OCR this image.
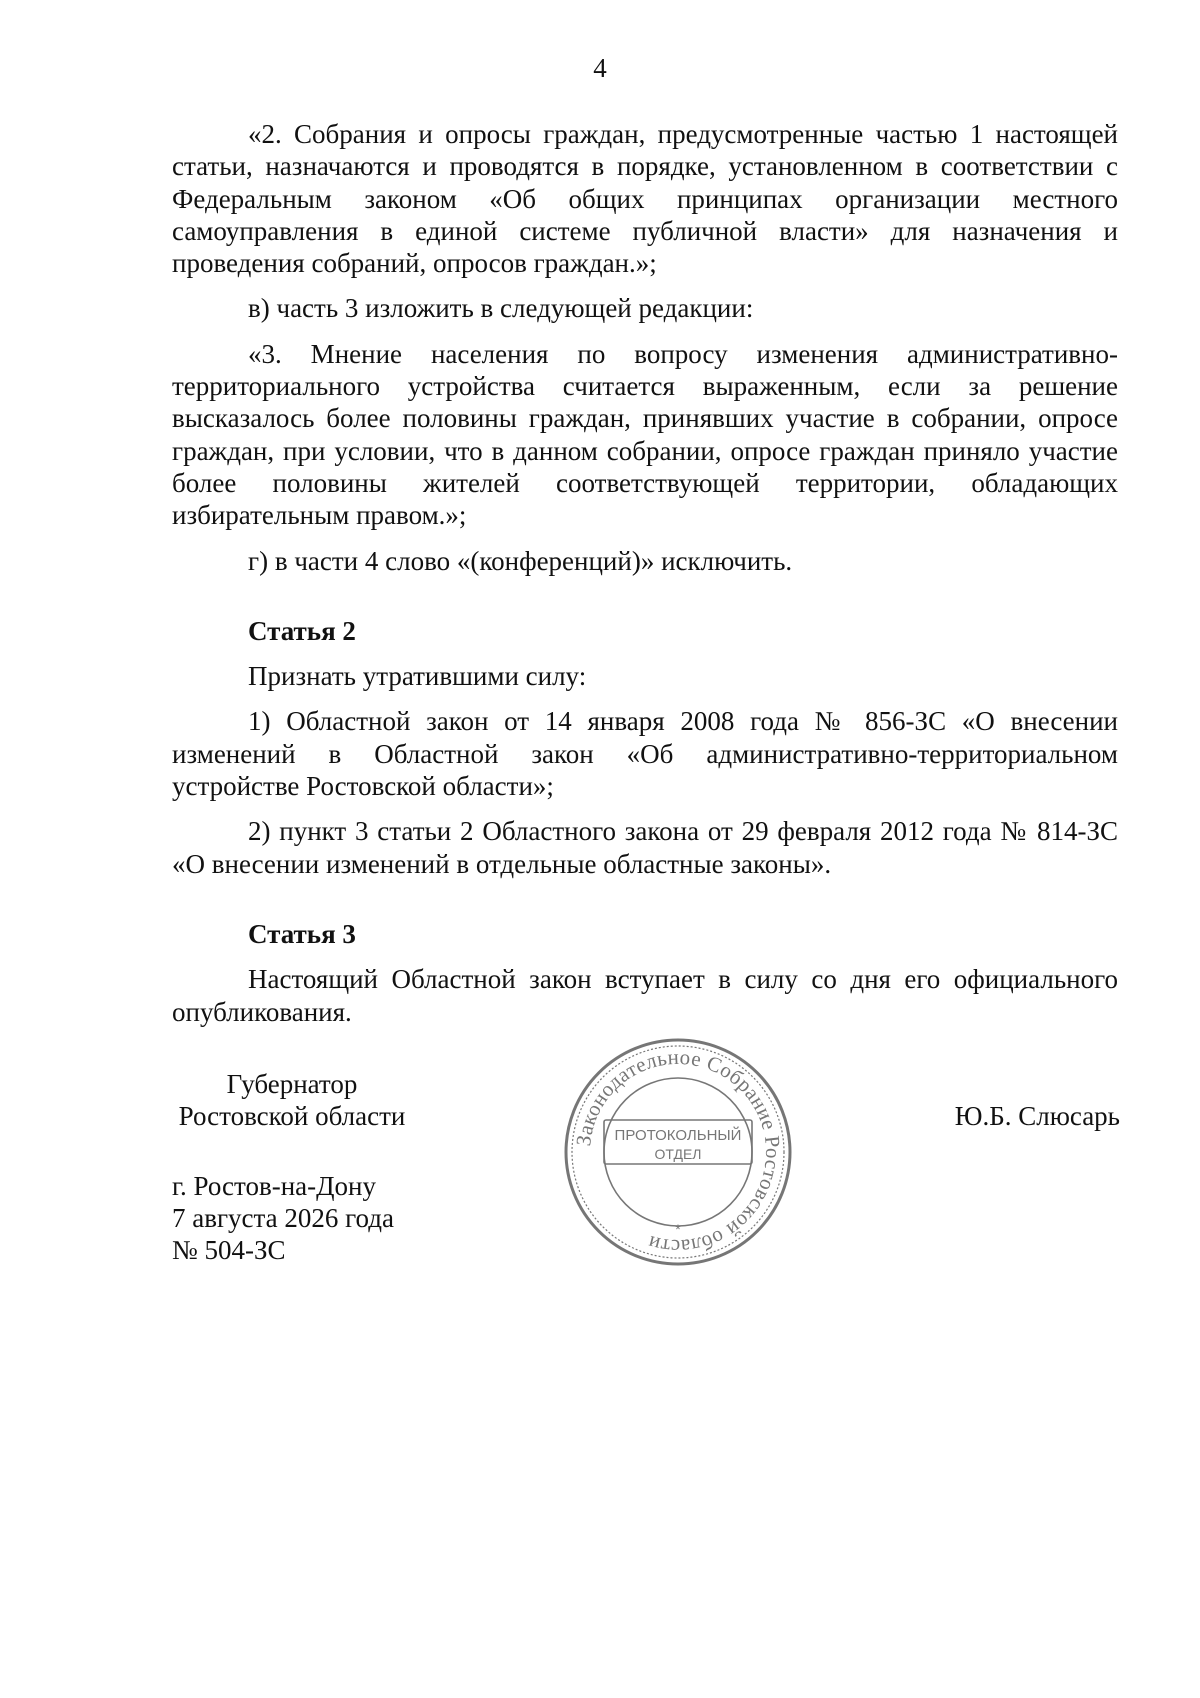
4

«2. Собрания и опросы граждан, предусмотренные частью 1 настоящей статьи, назначаются и проводятся в порядке, установленном в соответствии с Федеральным законом «Об общих принципах организации местного самоуправления в единой системе публичной власти» для назначения и проведения собраний, опросов граждан.»;

в) часть 3 изложить в следующей редакции:

«3. Мнение населения по вопросу изменения административно-территориального устройства считается выраженным, если за решение высказалось более половины граждан, принявших участие в собрании, опросе граждан, при условии, что в данном собрании, опросе граждан приняло участие более половины жителей соответствующей территории, обладающих избирательным правом.»;

г) в части 4 слово «(конференций)» исключить.

Статья 2

Признать утратившими силу:

1) Областной закон от 14 января 2008 года № 856-ЗС «О внесении изменений в Областной закон «Об административно-территориальном устройстве Ростовской области»;

2) пункт 3 статьи 2 Областного закона от 29 февраля 2012 года № 814-ЗС «О внесении изменений в отдельные областные законы».

Статья 3

Настоящий Областной закон вступает в силу со дня его официального опубликования.

Губернатор
Ростовской области
г. Ростов-на-Дону
7 августа 2026 года
№ 504-ЗС
Ю.Б. Слюсарь
Законодательное Собрание Ростовской области
ПРОТОКОЛЬНЫЙ
ОТДЕЛ
*
